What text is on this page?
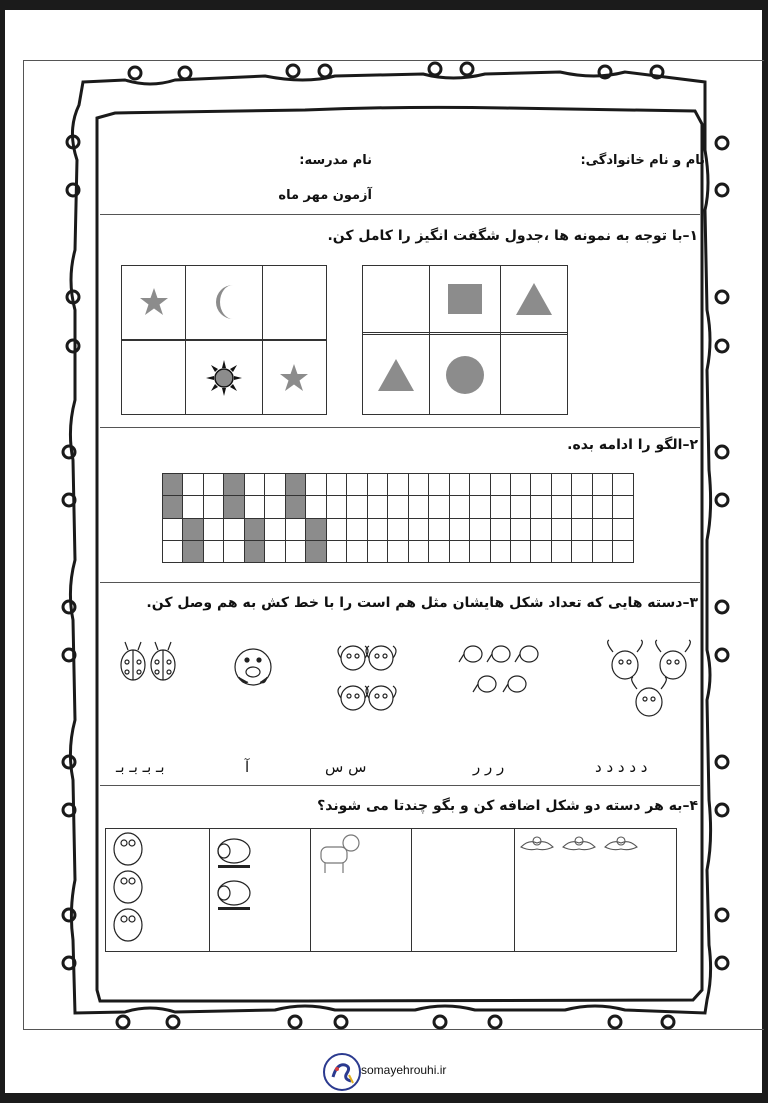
نام و نام خانوادگی:
نام مدرسه:
آزمون مهر ماه
۱–با توجه به نمونه ها ،جدول شگفت انگیز را کامل کن.

۲–الگو را ادامه بده.

۳–دسته هایی که تعداد شکل هایشان مثل هم است را با خط کش به هم وصل کن.
بـ بـ بـ بـ	آ	س س	ر ر ر	د د د د د
۴–به هر دسته دو شکل اضافه کن و بگو چندتا می شوند؟

somayehrouhi.ir
